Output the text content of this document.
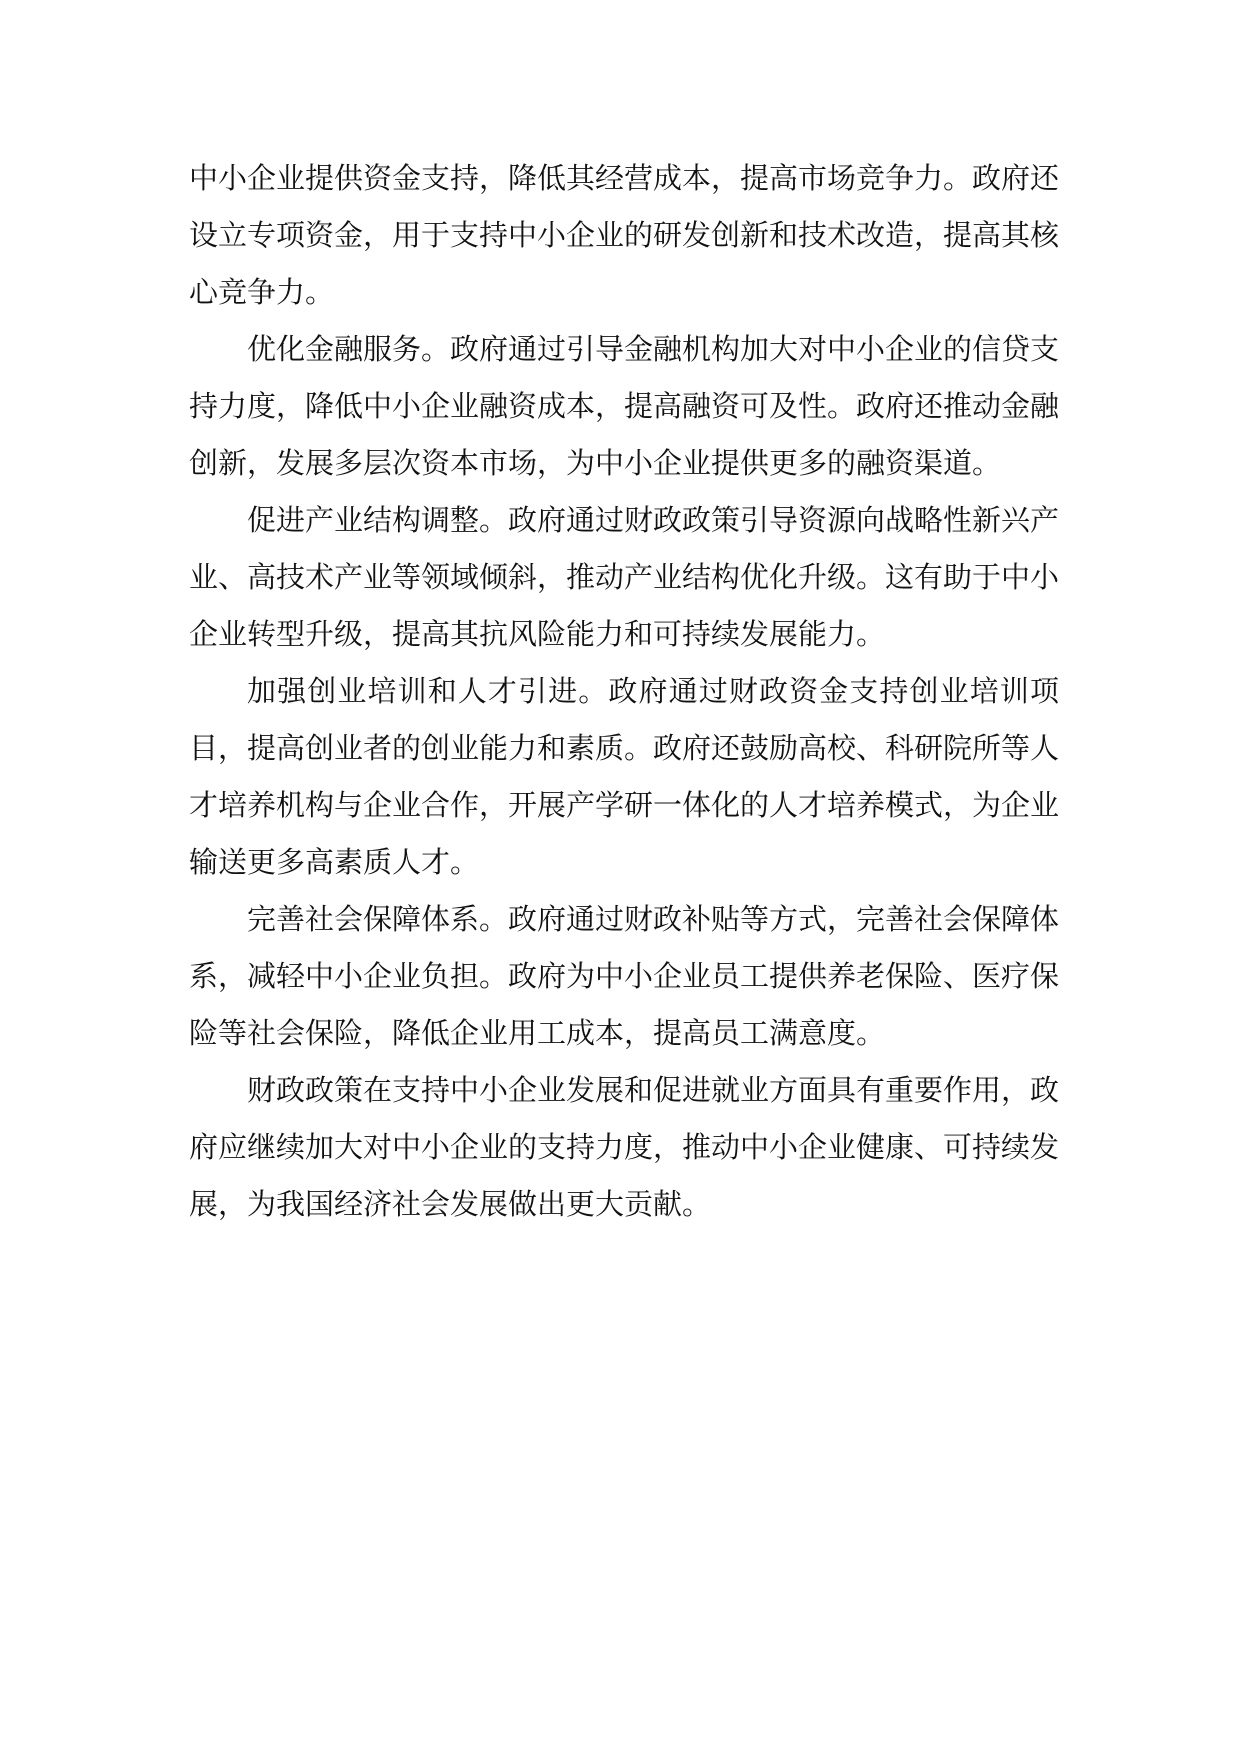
中小企业提供资金支持，降低其经营成本，提高市场竞争力。政府还设立专项资金，用于支持中小企业的研发创新和技术改造，提高其核心竞争力。

优化金融服务。政府通过引导金融机构加大对中小企业的信贷支持力度，降低中小企业融资成本，提高融资可及性。政府还推动金融创新，发展多层次资本市场，为中小企业提供更多的融资渠道。

促进产业结构调整。政府通过财政政策引导资源向战略性新兴产业、高技术产业等领域倾斜，推动产业结构优化升级。这有助于中小企业转型升级，提高其抗风险能力和可持续发展能力。

加强创业培训和人才引进。政府通过财政资金支持创业培训项目，提高创业者的创业能力和素质。政府还鼓励高校、科研院所等人才培养机构与企业合作，开展产学研一体化的人才培养模式，为企业输送更多高素质人才。

完善社会保障体系。政府通过财政补贴等方式，完善社会保障体系，减轻中小企业负担。政府为中小企业员工提供养老保险、医疗保险等社会保险，降低企业用工成本，提高员工满意度。

财政政策在支持中小企业发展和促进就业方面具有重要作用，政府应继续加大对中小企业的支持力度，推动中小企业健康、可持续发展，为我国经济社会发展做出更大贡献。
